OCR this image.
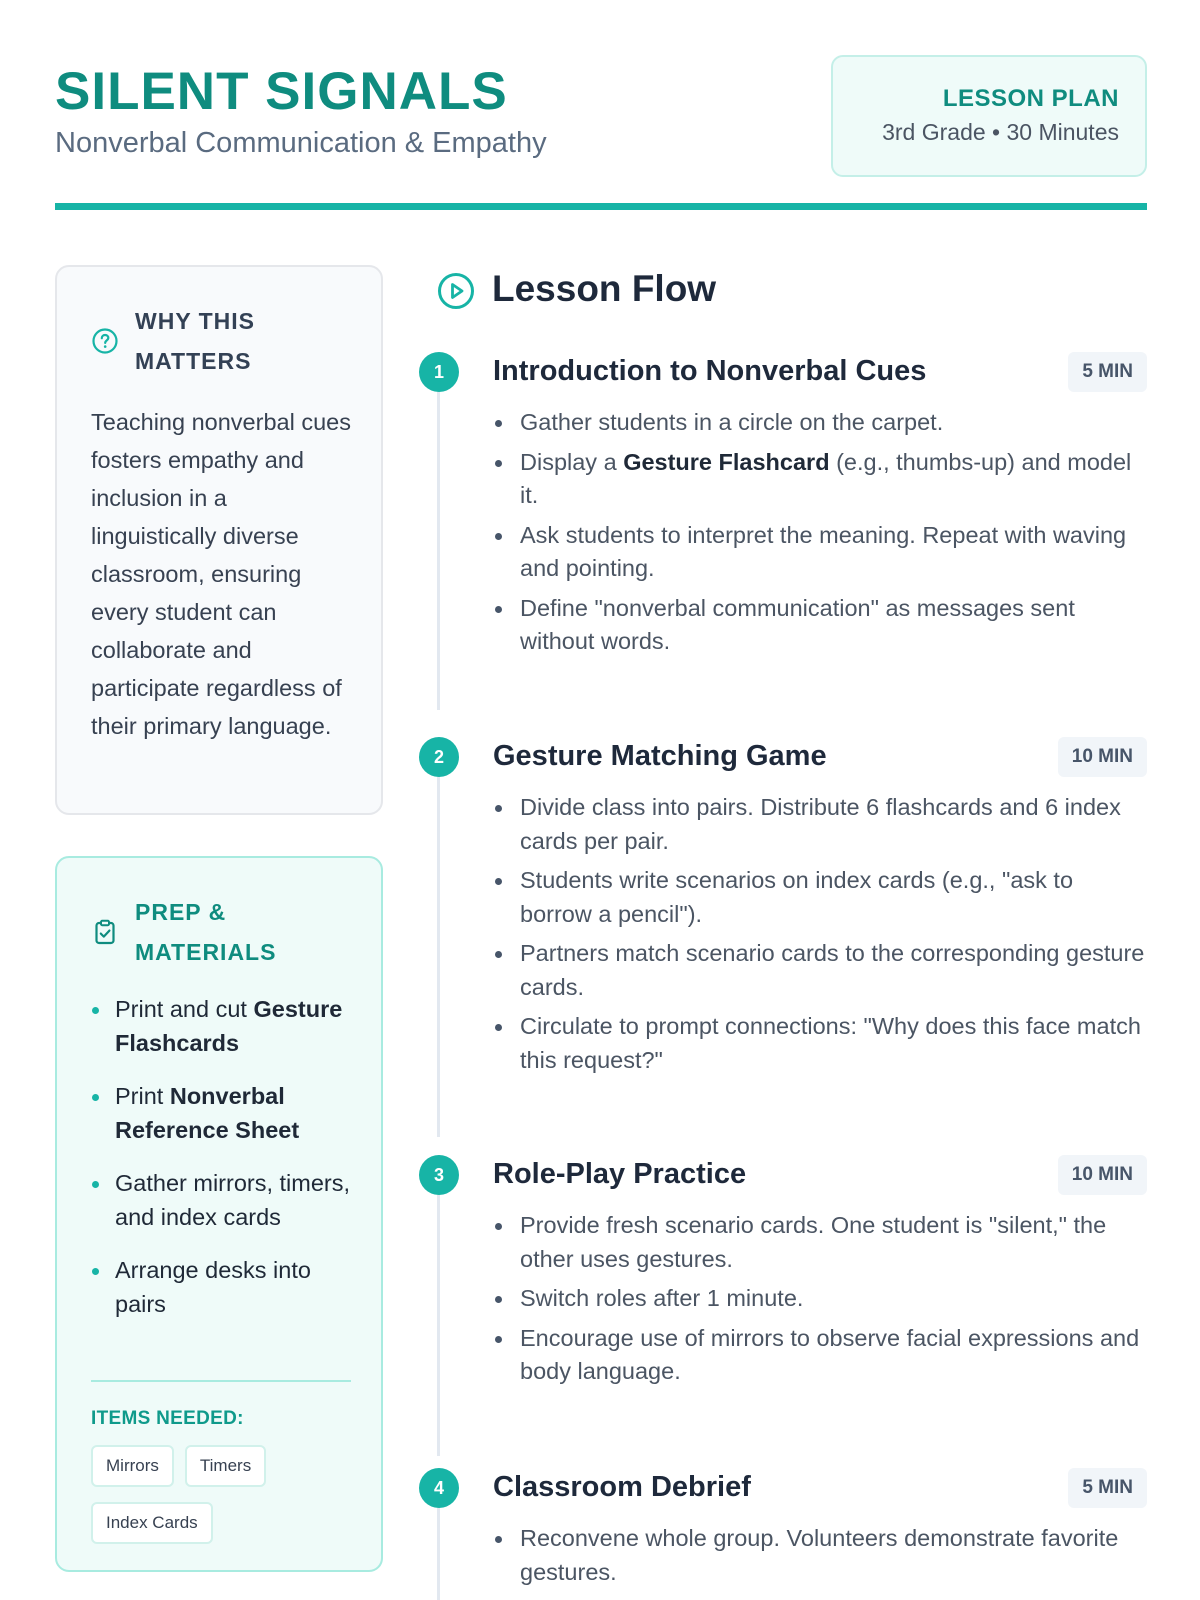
SILENT SIGNALS
Nonverbal Communication & Empathy
LESSON PLAN
3rd Grade • 30 Minutes
WHY THIS MATTERS
Teaching nonverbal cues fosters empathy and inclusion in a linguistically diverse classroom, ensuring every student can collaborate and participate regardless of their primary language.
PREP & MATERIALS
Print and cut Gesture Flashcards
Print Nonverbal Reference Sheet
Gather mirrors, timers, and index cards
Arrange desks into pairs
ITEMS NEEDED:
Mirrors TimersIndex Cards
Lesson Flow
1	Introduction to Nonverbal Cues	5 MIN
Gather students in a circle on the carpet.
Display a Gesture Flashcard (e.g., thumbs-up) and model it.
Ask students to interpret the meaning. Repeat with waving and pointing.
Define "nonverbal communication" as messages sent without words.
2	Gesture Matching Game	10 MIN
Divide class into pairs. Distribute 6 flashcards and 6 index cards per pair.
Students write scenarios on index cards (e.g., "ask to borrow a pencil").
Partners match scenario cards to the corresponding gesture cards.
Circulate to prompt connections: "Why does this face match this request?"
3	Role-Play Practice	10 MIN
Provide fresh scenario cards. One student is "silent," the other uses gestures.
Switch roles after 1 minute.
Encourage use of mirrors to observe facial expressions and body language.
4	Classroom Debrief	5 MIN
Reconvene whole group. Volunteers demonstrate favorite gestures.
